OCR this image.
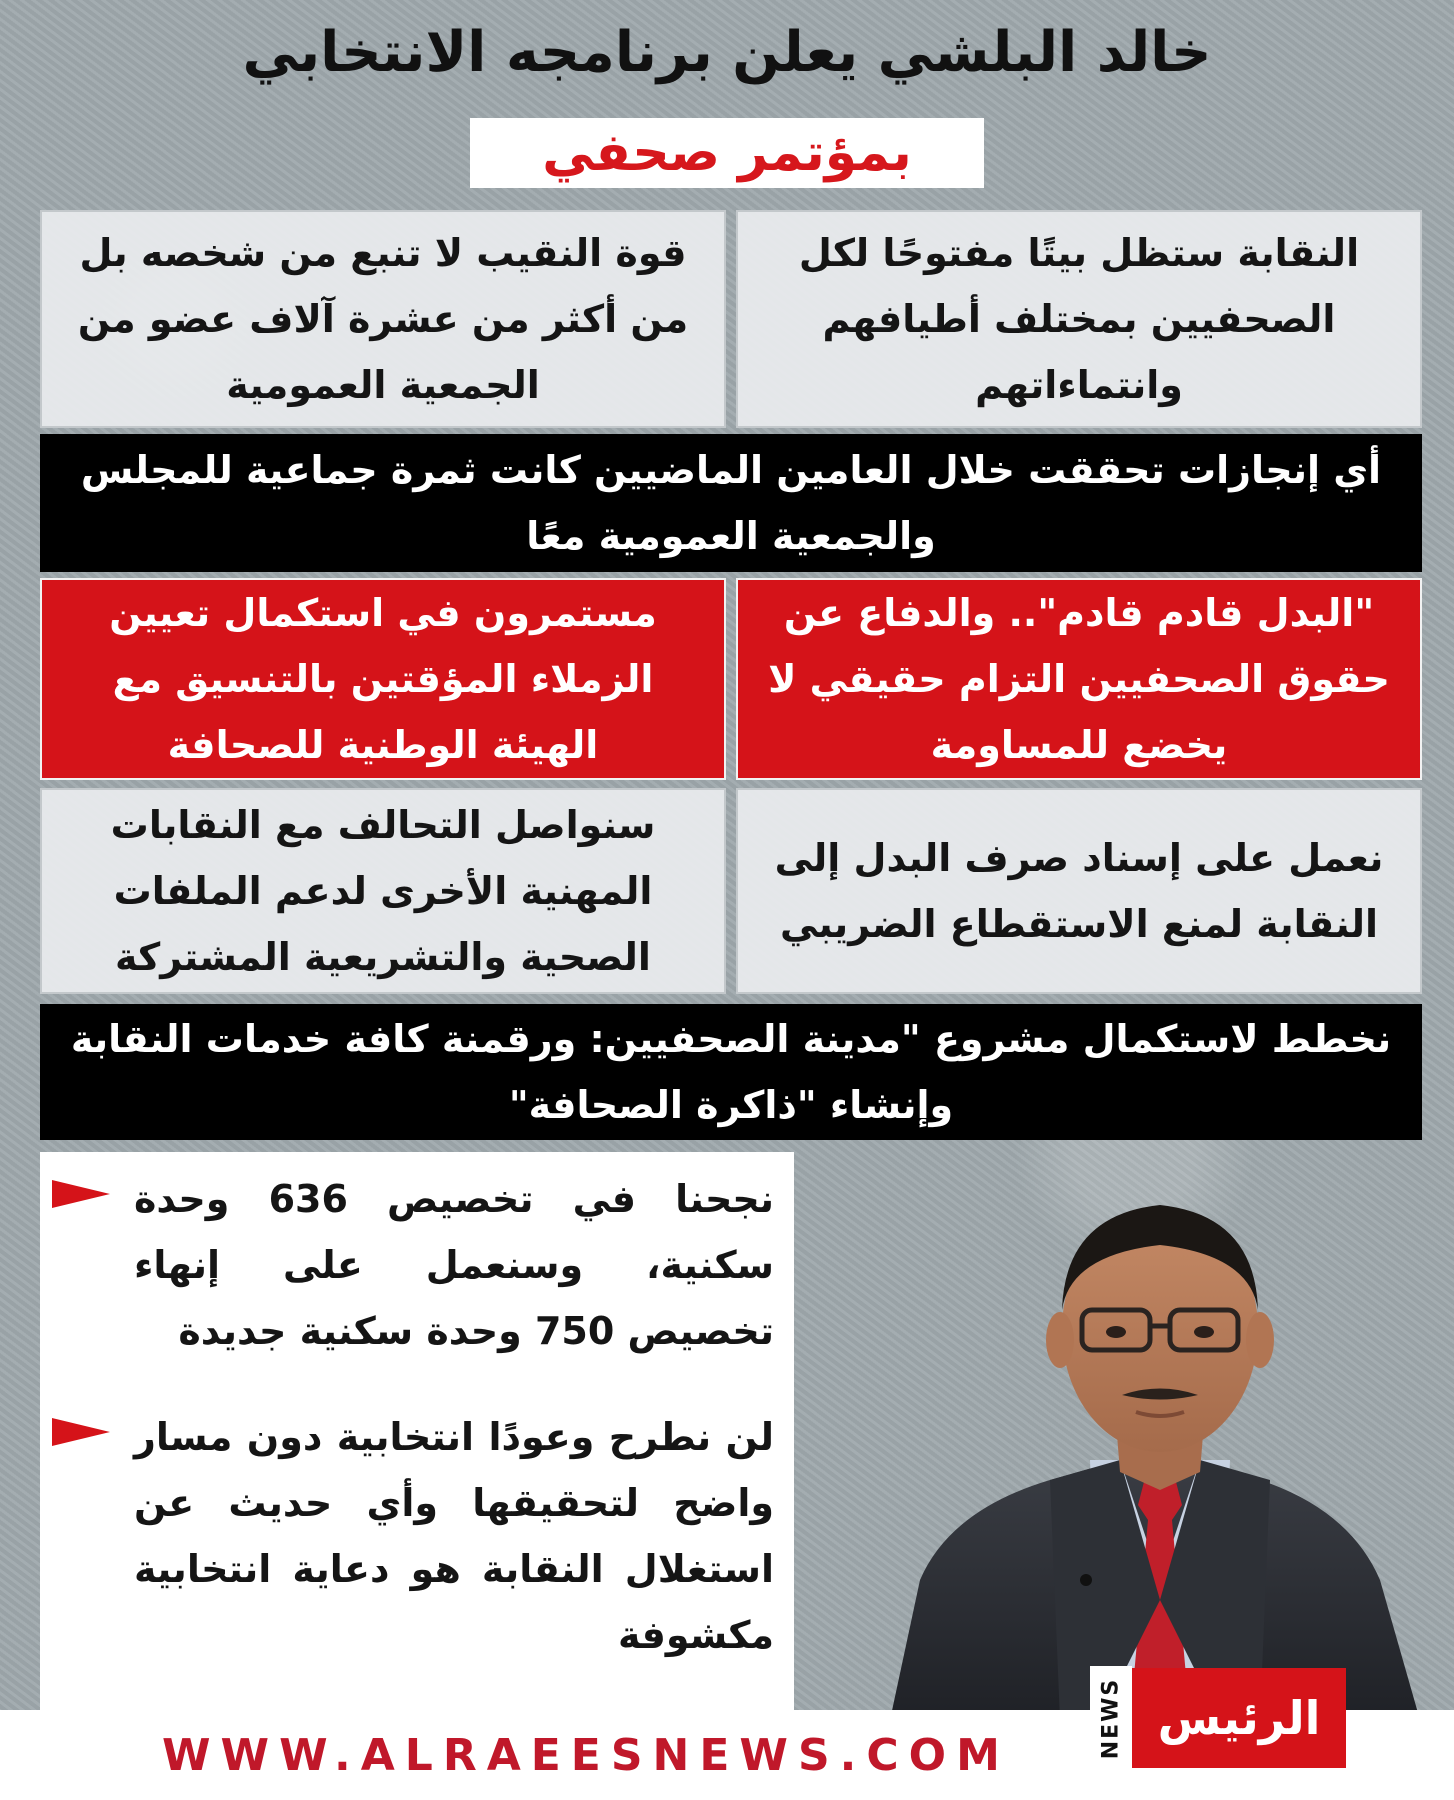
خالد البلشي يعلن برنامجه الانتخابي
بمؤتمر صحفي
النقابة ستظل بيتًا مفتوحًا لكل الصحفيين بمختلف أطيافهم وانتماءاتهم
قوة النقيب لا تنبع من شخصه بل من أكثر من عشرة آلاف عضو من الجمعية العمومية
أي إنجازات تحققت خلال العامين الماضيين كانت ثمرة جماعية للمجلس والجمعية العمومية معًا
"البدل قادم قادم".. والدفاع عن حقوق الصحفيين التزام حقيقي لا يخضع للمساومة
مستمرون في استكمال تعيين الزملاء المؤقتين بالتنسيق مع الهيئة الوطنية للصحافة
نعمل على إسناد صرف البدل إلى النقابة لمنع الاستقطاع الضريبي
سنواصل التحالف مع النقابات المهنية الأخرى لدعم الملفات الصحية والتشريعية المشتركة
نخطط لاستكمال مشروع "مدينة الصحفيين: ورقمنة كافة خدمات النقابة وإنشاء "ذاكرة الصحافة"
نجحنا في تخصيص 636 وحدة سكنية، وسنعمل على إنهاء تخصيص 750 وحدة سكنية جديدة
لن نطرح وعودًا انتخابية دون مسار واضح لتحقيقها وأي حديث عن استغلال النقابة هو دعاية انتخابية مكشوفة
WWW.ALRAEESNEWS.COM	NEWS الرئيس
